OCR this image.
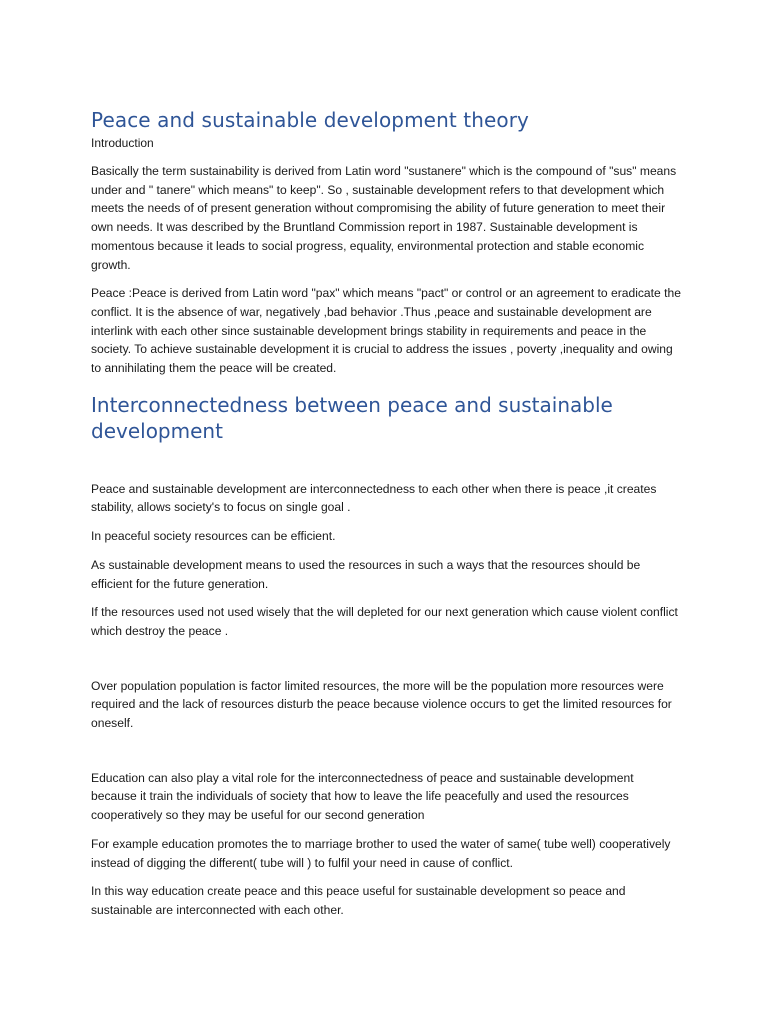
Peace and sustainable development theory

Introduction

Basically the term sustainability is derived from Latin word "sustanere" which is the compound of "sus" means under and " tanere" which means" to keep". So , sustainable development refers to that development which meets the needs of of present generation without compromising the ability of future generation to meet their own needs. It was described by the Bruntland Commission report in 1987. Sustainable development is momentous because it leads to social progress, equality, environmental protection and stable economic growth.

Peace :Peace is derived from Latin word "pax" which means "pact" or control or an agreement to eradicate the conflict. It is the absence of war, negatively ,bad behavior .Thus ,peace and sustainable development are interlink with each other since sustainable development brings stability in requirements and peace in the society. To achieve sustainable development it is crucial to address the issues , poverty ,inequality and owing to annihilating them the peace will be created.

Interconnectedness between peace and sustainable development

Peace and sustainable development are interconnectedness to each other when there is peace ,it creates stability, allows society's to focus on single goal .

In peaceful society resources can be efficient.

As sustainable development means to used the resources in such a ways that the resources should be efficient for the future generation.

If the resources used not used wisely that the will depleted for our next generation which cause violent conflict which destroy the peace .

Over population population is factor limited resources, the more will be the population more resources were required and the lack of resources disturb the peace because violence occurs to get the limited resources for oneself.

Education can also play a vital role for the interconnectedness of peace and sustainable development because it train the individuals of society that how to leave the life peacefully and used the resources cooperatively so they may be useful for our second generation

For example education promotes the to marriage brother to used the water of same( tube well) cooperatively instead of digging the different( tube will ) to fulfil your need in cause of conflict.

In this way education create peace and this peace useful for sustainable development so peace and sustainable are interconnected with each other.
